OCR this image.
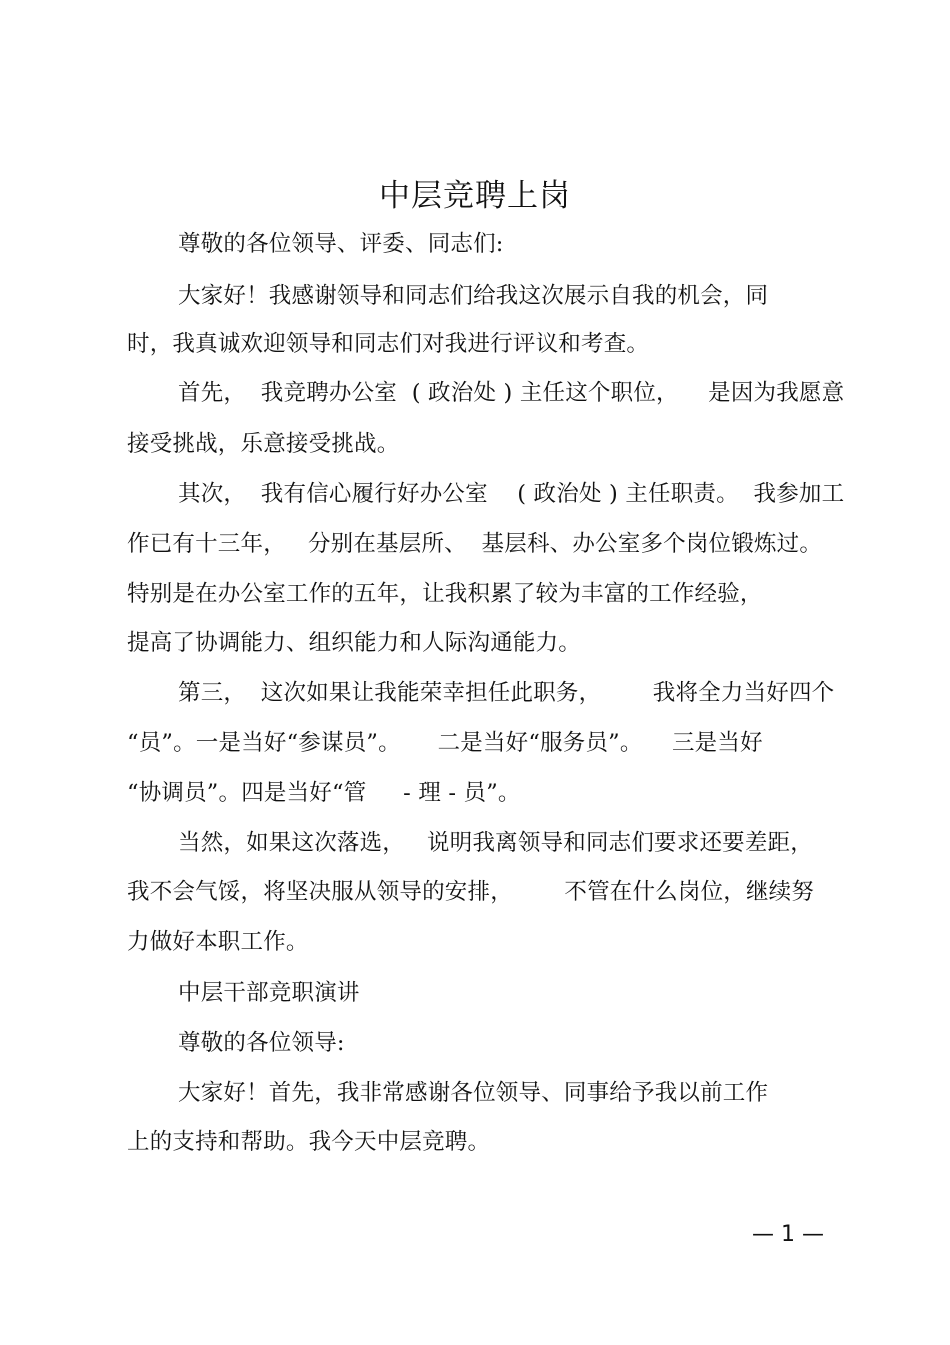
中层竞聘上岗
尊敬的各位领导、评委、同志们:
大家好！我感谢领导和同志们给我这次展示自我的机会，同
时，我真诚欢迎领导和同志们对我进行评议和考查。
首先，  我竞聘办公室  ( 政治处 ) 主任这个职位，    是因为我愿意
接受挑战，乐意接受挑战。
其次，  我有信心履行好办公室    ( 政治处 ) 主任职责。  我参加工
作已有十三年，   分别在基层所、  基层科、办公室多个岗位锻炼过。
特别是在办公室工作的五年，让我积累了较为丰富的工作经验，
提高了协调能力、组织能力和人际沟通能力。
第三，  这次如果让我能荣幸担任此职务，       我将全力当好四个
“员”。一是当好“参谋员”。     二是当好“服务员”。    三是当好
“协调员”。四是当好“管     - 理 - 员”。
当然，如果这次落选，   说明我离领导和同志们要求还要差距，
我不会气馁，将坚决服从领导的安排，       不管在什么岗位，继续努
力做好本职工作。
中层干部竞职演讲
尊敬的各位领导:
大家好！首先，我非常感谢各位领导、同事给予我以前工作
上的支持和帮助。我今天中层竞聘。
— 1 —
